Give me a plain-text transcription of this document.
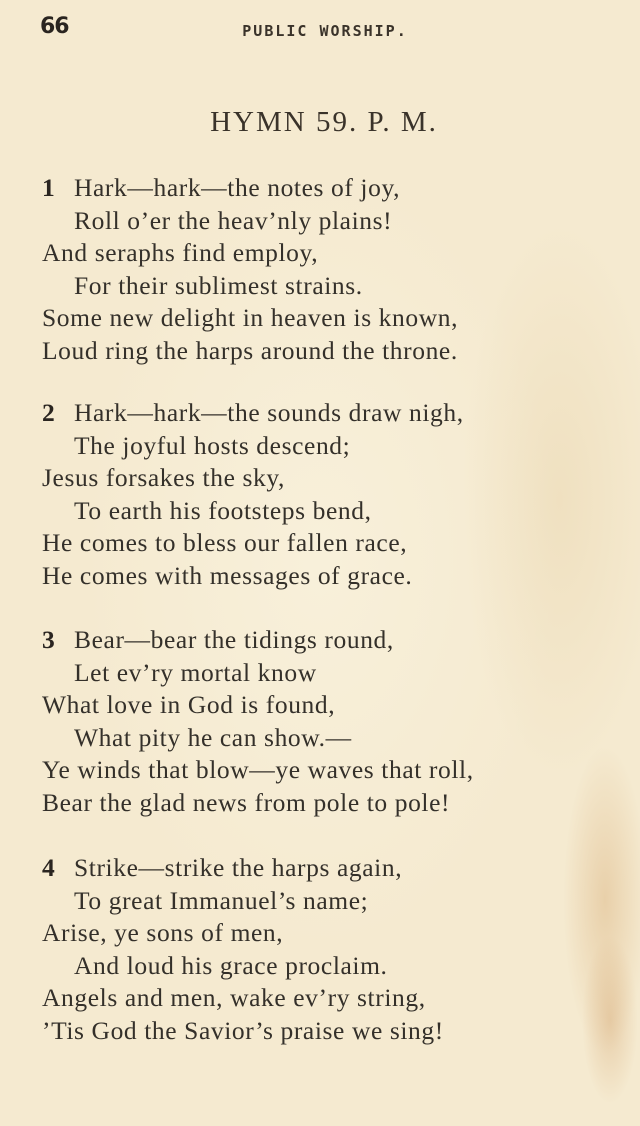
66	PUBLIC WORSHIP.
HYMN 59. P. M.
1 Hark—hark—the notes of joy,
Roll o’er the heav’nly plains!
And seraphs find employ,
For their sublimest strains.
Some new delight in heaven is known,
Loud ring the harps around the throne.
2 Hark—hark—the sounds draw nigh,
The joyful hosts descend;
Jesus forsakes the sky,
To earth his footsteps bend,
He comes to bless our fallen race,
He comes with messages of grace.
3 Bear—bear the tidings round,
Let ev’ry mortal know
What love in God is found,
What pity he can show.—
Ye winds that blow—ye waves that roll,
Bear the glad news from pole to pole!
4 Strike—strike the harps again,
To great Immanuel’s name;
Arise, ye sons of men,
And loud his grace proclaim.
Angels and men, wake ev’ry string,
’Tis God the Savior’s praise we sing!
